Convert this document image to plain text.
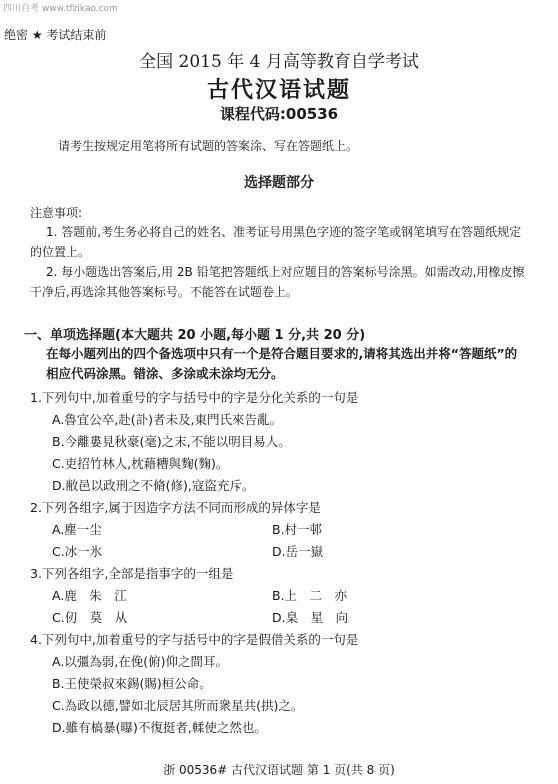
四川自考 www.tfzikao.com
绝密 ★ 考试结束前
全国 2015 年 4 月高等教育自学考试
古代汉语试题
课程代码:00536
请考生按规定用笔将所有试题的答案涂、写在答题纸上。
选择题部分
注意事项:
1. 答题前,考生务必将自己的姓名、准考证号用黑色字迹的签字笔或钢笔填写在答题纸规定的位置上。
2. 每小题选出答案后,用 2B 铅笔把答题纸上对应题目的答案标号涂黑。如需改动,用橡皮擦干净后,再选涂其他答案标号。不能答在试题卷上。
一、单项选择题(本大题共 20 小题,每小题 1 分,共 20 分)
在每小题列出的四个备选项中只有一个是符合题目要求的,请将其选出并将“答题纸”的相应代码涂黑。错涂、多涂或未涂均无分。
1.下列句中,加着重号的字与括号中的字是分化关系的一句是
A.魯宜公卒,赴(訃)者未及,東門氏來告亂。
B.今離婁見秋豪(毫)之末,不能以明目易人。
C.吏招竹林人,枕藉糟與麴(麴)。
D.敝邑以政刑之不脩(修),寇盜充斥。
2.下列各组字,属于因造字方法不同而形成的异体字是
A.塵一尘	B.村一邨
C.冰一氷	D.岳一嶽
3.下列各组字,全部是指事字的一组是
A.鹿　朱　江	B.上　二　亦
C.仞　莫　从	D.臬　星　向
4.下列句中,加着重号的字与括号中的字是假借关系的一句是
A.以彊為弱,在俛(俯)仰之間耳。
B.王使榮叔來錫(賜)桓公命。
C.為政以德,譬如北辰居其所而衆星共(拱)之。
D.雖有槁暴(曝)不復挺者,輮使之然也。
浙 00536# 古代汉语试题 第 1 页(共 8 页)
